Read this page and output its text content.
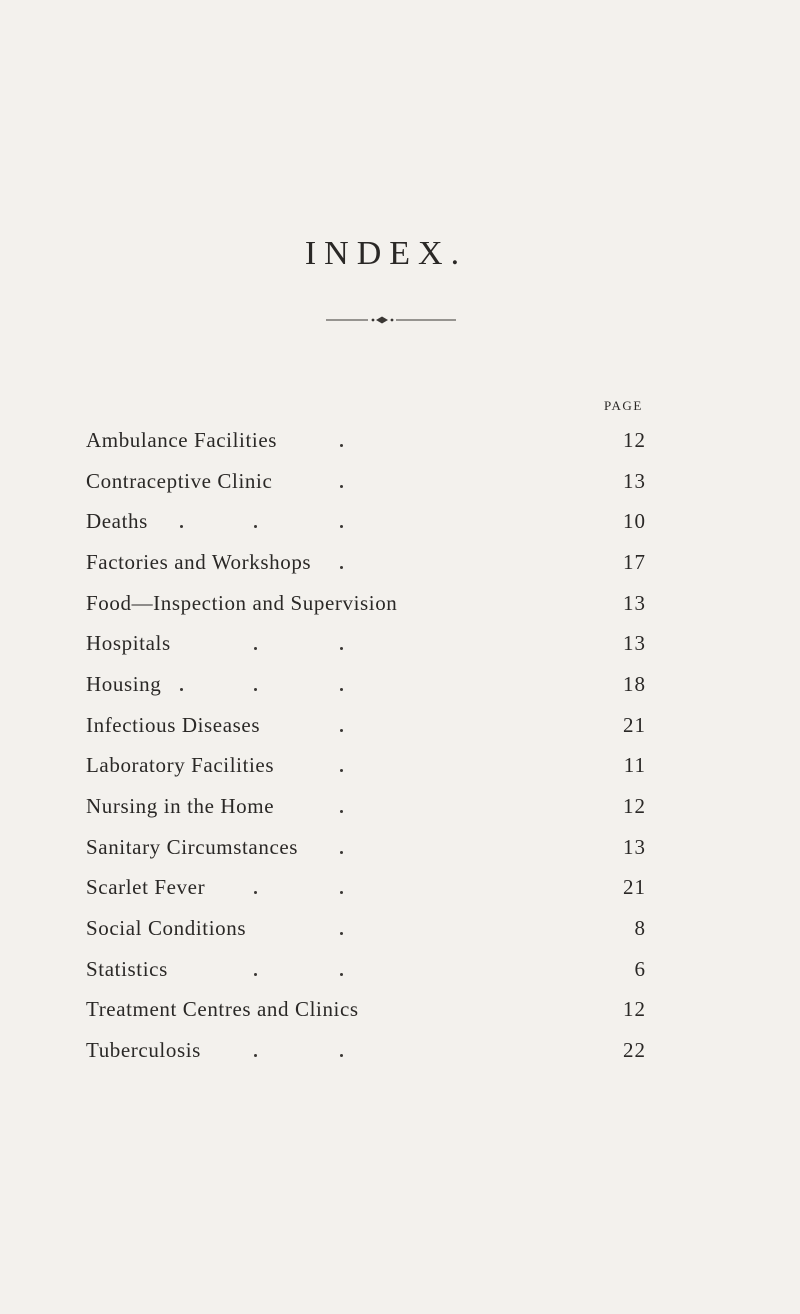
INDEX.
PAGE
Ambulance Facilities	12
Contraceptive Clinic	13
Deaths	10
Factories and Workshops	17
Food—Inspection and Supervision	13
Hospitals	13
Housing	18
Infectious Diseases	21
Laboratory Facilities	11
Nursing in the Home	12
Sanitary Circumstances	13
Scarlet Fever	21
Social Conditions	8
Statistics	6
Treatment Centres and Clinics	12
Tuberculosis	22
